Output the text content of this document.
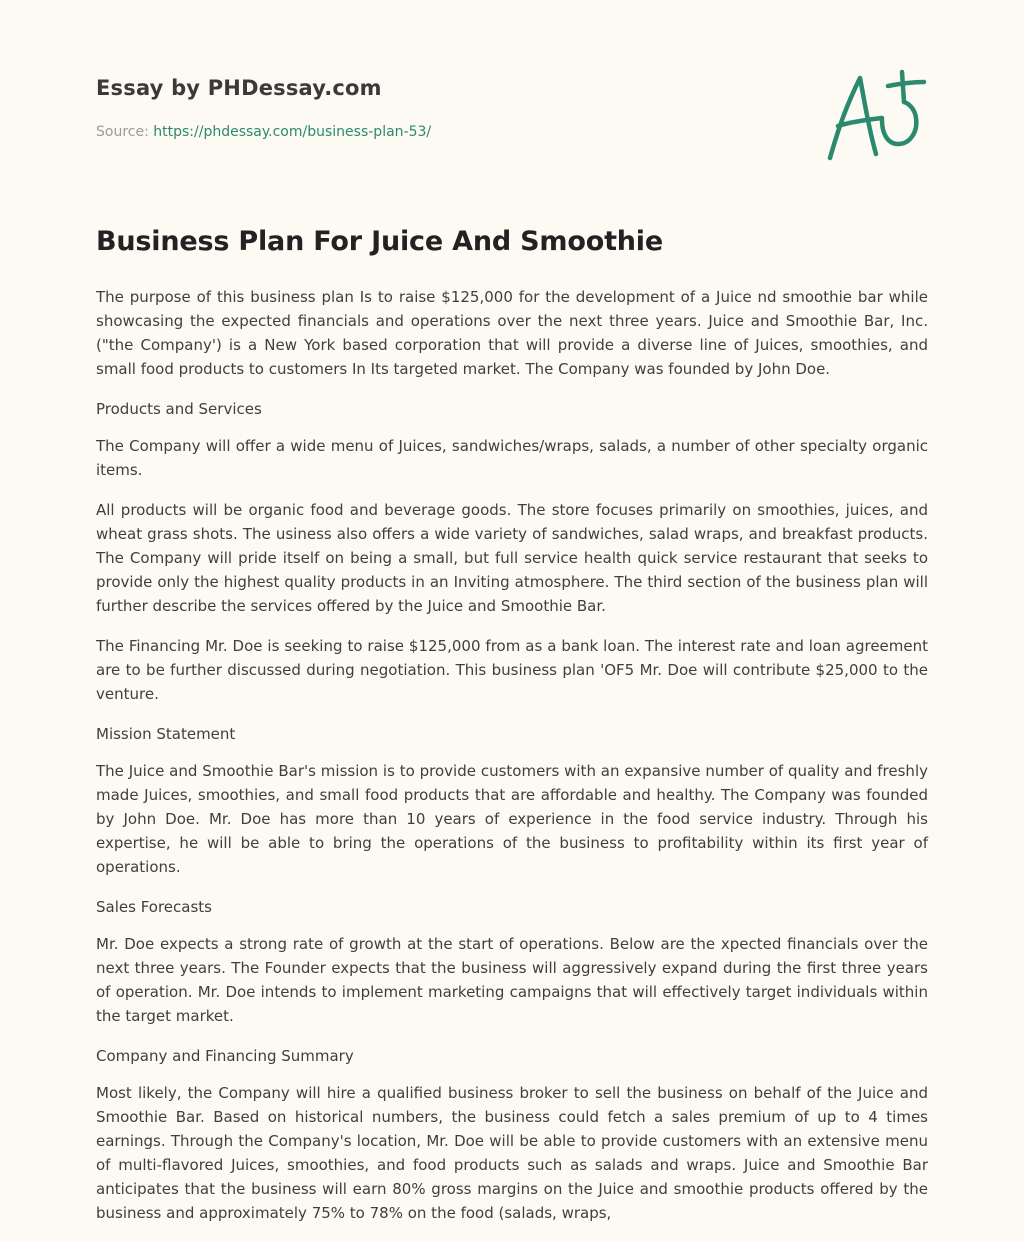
Essay by PHDessay.com
Source: https://phdessay.com/business-plan-53/
Business Plan For Juice And Smoothie

The purpose of this business plan Is to raise $125,000 for the development of a Juice nd smoothie bar while showcasing the expected financials and operations over the next three years. Juice and Smoothie Bar, Inc. ("the Company') is a New York based corporation that will provide a diverse line of Juices, smoothies, and small food products to customers In Its targeted market. The Company was founded by John Doe.

Products and Services

The Company will offer a wide menu of Juices, sandwiches/wraps, salads, a number of other specialty organic items.

All products will be organic food and beverage goods. The store focuses primarily on smoothies, juices, and wheat grass shots. The usiness also offers a wide variety of sandwiches, salad wraps, and breakfast products. The Company will pride itself on being a small, but full service health quick service restaurant that seeks to provide only the highest quality products in an Inviting atmosphere. The third section of the business plan will further describe the services offered by the Juice and Smoothie Bar.

The Financing Mr. Doe is seeking to raise $125,000 from as a bank loan. The interest rate and loan agreement are to be further discussed during negotiation. This business plan 'OF5 Mr. Doe will contribute $25,000 to the venture.

Mission Statement

The Juice and Smoothie Bar's mission is to provide customers with an expansive number of quality and freshly made Juices, smoothies, and small food products that are affordable and healthy. The Company was founded by John Doe. Mr. Doe has more than 10 years of experience in the food service industry. Through his expertise, he will be able to bring the operations of the business to profitability within its first year of operations.

Sales Forecasts

Mr. Doe expects a strong rate of growth at the start of operations. Below are the xpected financials over the next three years. The Founder expects that the business will aggressively expand during the first three years of operation. Mr. Doe intends to implement marketing campaigns that will effectively target individuals within the target market.

Company and Financing Summary

Most likely, the Company will hire a qualified business broker to sell the business on behalf of the Juice and Smoothie Bar. Based on historical numbers, the business could fetch a sales premium of up to 4 times earnings. Through the Company's location, Mr. Doe will be able to provide customers with an extensive menu of multi-flavored Juices, smoothies, and food products such as salads and wraps. Juice and Smoothie Bar anticipates that the business will earn 80% gross margins on the Juice and smoothie products offered by the business and approximately 75% to 78% on the food (salads, wraps,
